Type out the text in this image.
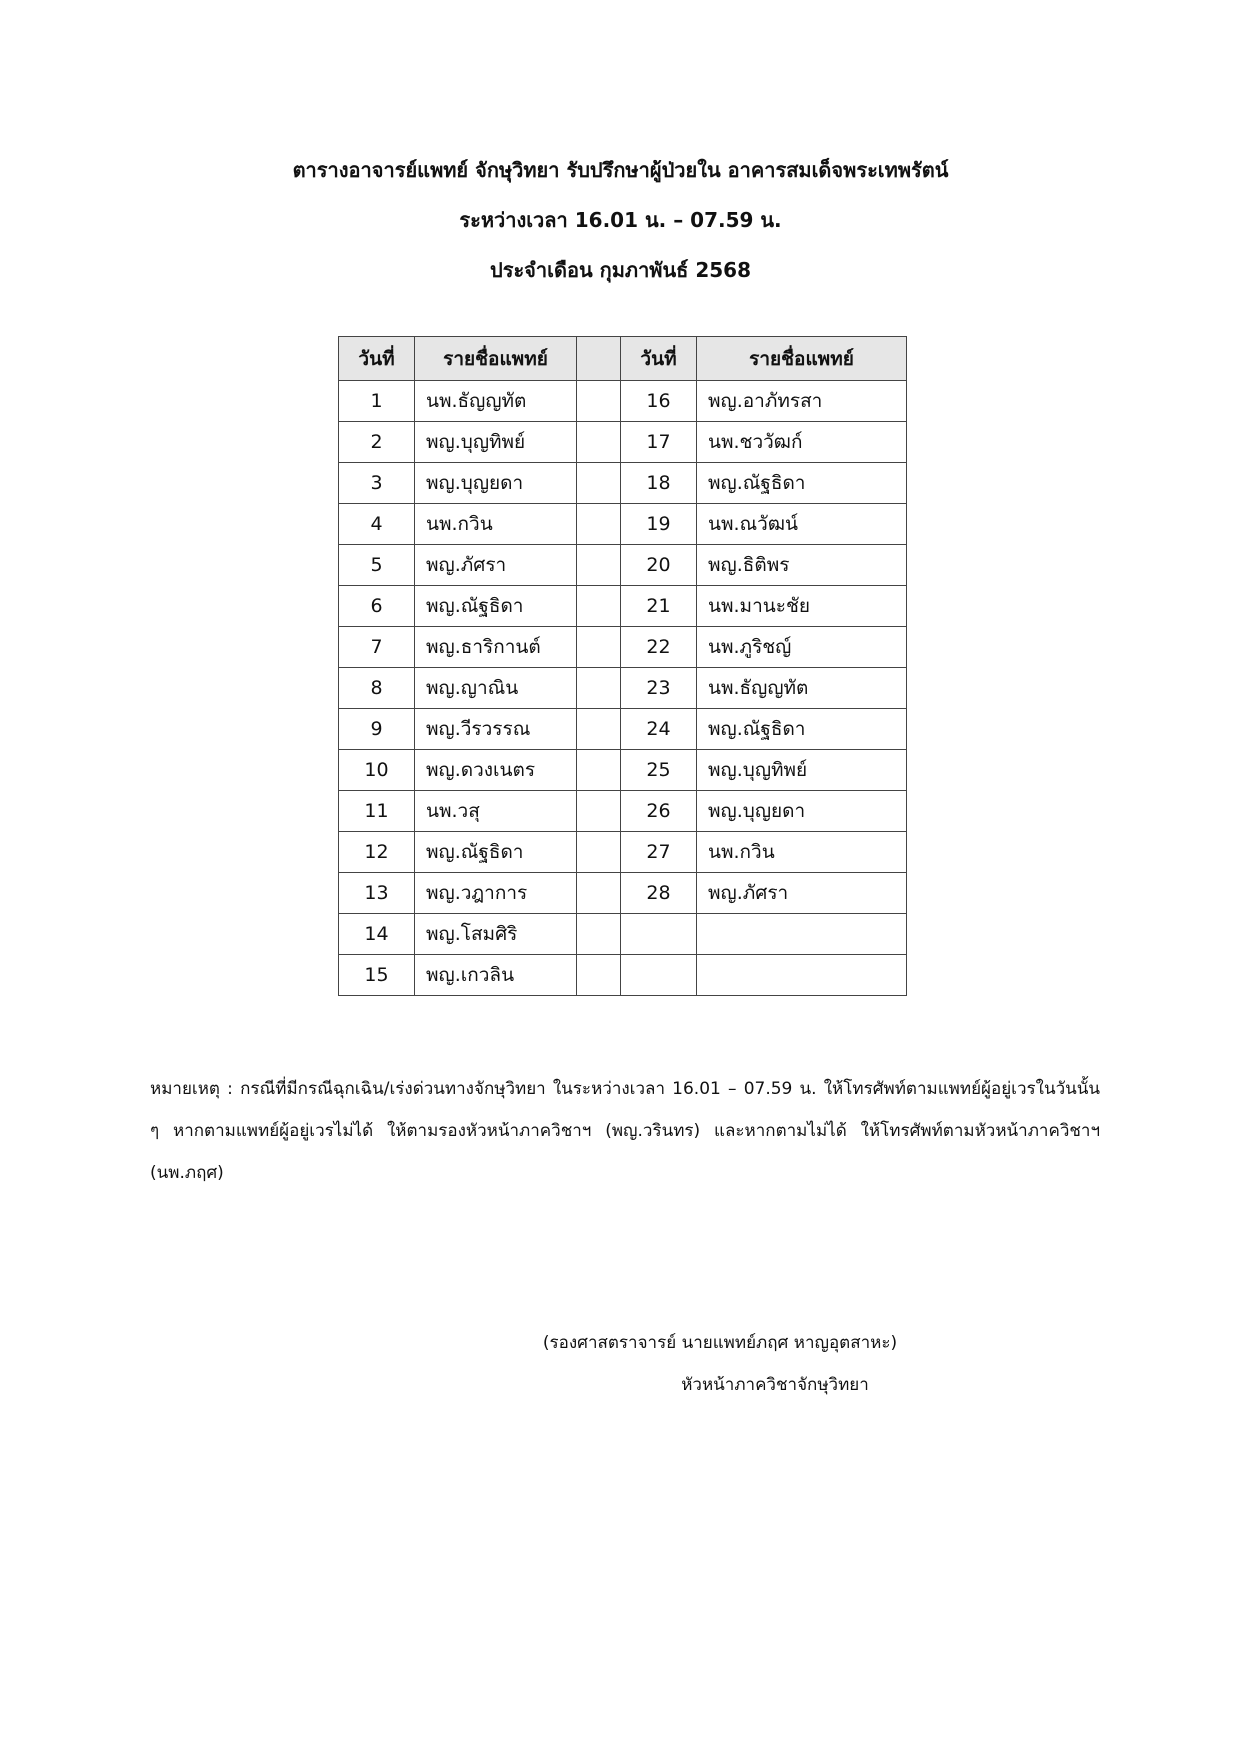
ตารางอาจารย์แพทย์ จักษุวิทยา รับปรึกษาผู้ป่วยใน อาคารสมเด็จพระเทพรัตน์
ระหว่างเวลา 16.01 น. – 07.59 น.
ประจำเดือน กุมภาพันธ์ 2568
วันที่	รายชื่อแพทย์		วันที่	รายชื่อแพทย์
1	นพ.ธัญญทัต		16	พญ.อาภัทรสา
2	พญ.บุญทิพย์		17	นพ.ชววัฒก์
3	พญ.บุญยดา		18	พญ.ณัฐธิดา
4	นพ.กวิน		19	นพ.ณวัฒน์
5	พญ.ภัศรา		20	พญ.ธิติพร
6	พญ.ณัฐธิดา		21	นพ.มานะชัย
7	พญ.ธาริกานต์		22	นพ.ภูริชญ์
8	พญ.ญาณิน		23	นพ.ธัญญทัต
9	พญ.วีรวรรณ		24	พญ.ณัฐธิดา
10	พญ.ดวงเนตร		25	พญ.บุญทิพย์
11	นพ.วสุ		26	พญ.บุญยดา
12	พญ.ณัฐธิดา		27	นพ.กวิน
13	พญ.วฎาการ		28	พญ.ภัศรา
14	พญ.โสมศิริ			
15	พญ.เกวลิน			
หมายเหตุ : กรณีที่มีกรณีฉุกเฉิน/เร่งด่วนทางจักษุวิทยา ในระหว่างเวลา 16.01 – 07.59 น. ให้โทรศัพท์ตามแพทย์ผู้อยู่เวรในวันนั้น ๆ หากตามแพทย์ผู้อยู่เวรไม่ได้ ให้ตามรองหัวหน้าภาควิชาฯ (พญ.วรินทร) และหากตามไม่ได้ ให้โทรศัพท์ตามหัวหน้าภาควิชาฯ (นพ.ภฤศ)
(รองศาสตราจารย์ นายแพทย์ภฤศ หาญอุตสาหะ)
หัวหน้าภาควิชาจักษุวิทยา
